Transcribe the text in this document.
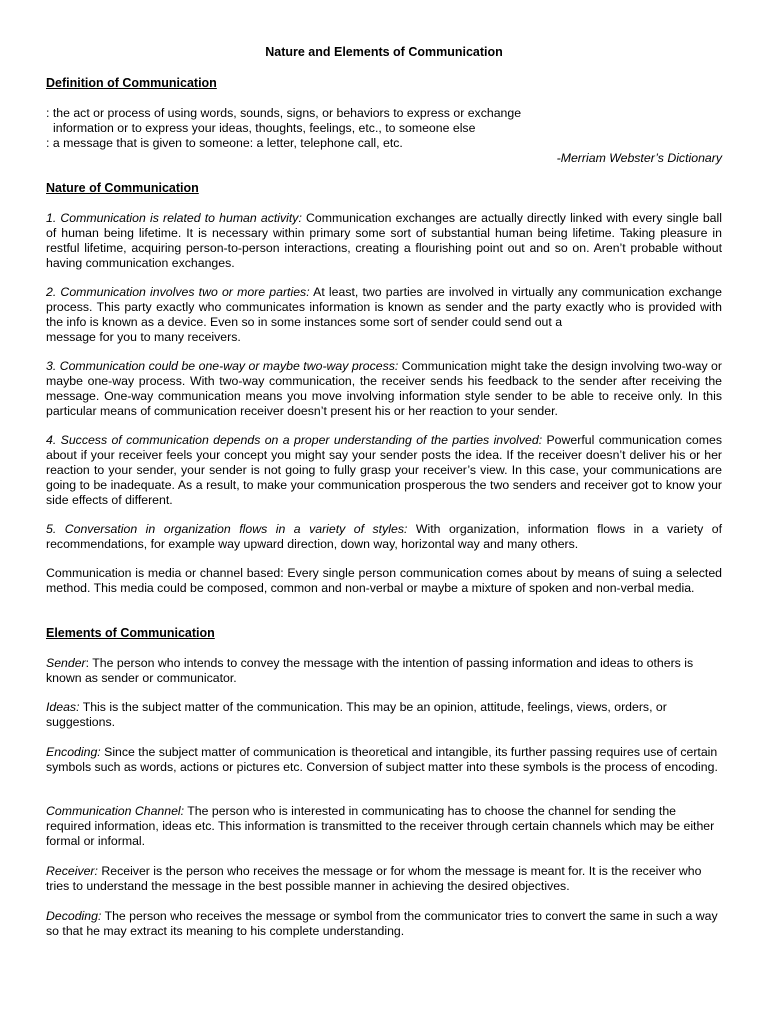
Nature and Elements of Communication
Definition of Communication
: the act or process of using words, sounds, signs, or behaviors to express or exchange
information or to express your ideas, thoughts, feelings, etc., to someone else
: a message that is given to someone: a letter, telephone call, etc.
-Merriam Webster’s Dictionary
Nature of Communication
1. Communication is related to human activity: Communication exchanges are actually directly linked with every single ball of human being lifetime. It is necessary within primary some sort of substantial human being lifetime. Taking pleasure in restful lifetime, acquiring person-to-person interactions, creating a flourishing point out and so on. Aren’t probable without having communication exchanges.
2. Communication involves two or more parties: At least, two parties are involved in virtually any communication exchange process. This party exactly who communicates information is known as sender and the party exactly who is provided with the info is known as a device. Even so in some instances some sort of sender could send out a
message for you to many receivers.
3. Communication could be one-way or maybe two-way process: Communication might take the design involving two-way or maybe one-way process. With two-way communication, the receiver sends his feedback to the sender after receiving the message. One-way communication means you move involving information style sender to be able to receive only. In this particular means of communication receiver doesn’t present his or her reaction to your sender.
4. Success of communication depends on a proper understanding of the parties involved: Powerful communication comes about if your receiver feels your concept you might say your sender posts the idea. If the receiver doesn’t deliver his or her reaction to your sender, your sender is not going to fully grasp your receiver’s view. In this case, your communications are going to be inadequate. As a result, to make your communication prosperous the two senders and receiver got to know your side effects of different.
5. Conversation in organization flows in a variety of styles: With organization, information flows in a variety of recommendations, for example way upward direction, down way, horizontal way and many others.
Communication is media or channel based: Every single person communication comes about by means of suing a selected method. This media could be composed, common and non-verbal or maybe a mixture of spoken and non-verbal media.
Elements of Communication
Sender: The person who intends to convey the message with the intention of passing information and ideas to others is known as sender or communicator.
Ideas: This is the subject matter of the communication. This may be an opinion, attitude, feelings, views, orders, or suggestions.
Encoding: Since the subject matter of communication is theoretical and intangible, its further passing requires use of certain symbols such as words, actions or pictures etc. Conversion of subject matter into these symbols is the process of encoding.
Communication Channel: The person who is interested in communicating has to choose the channel for sending the required information, ideas etc. This information is transmitted to the receiver through certain channels which may be either formal or informal.
Receiver: Receiver is the person who receives the message or for whom the message is meant for. It is the receiver who tries to understand the message in the best possible manner in achieving the desired objectives.
Decoding: The person who receives the message or symbol from the communicator tries to convert the same in such a way so that he may extract its meaning to his complete understanding.
